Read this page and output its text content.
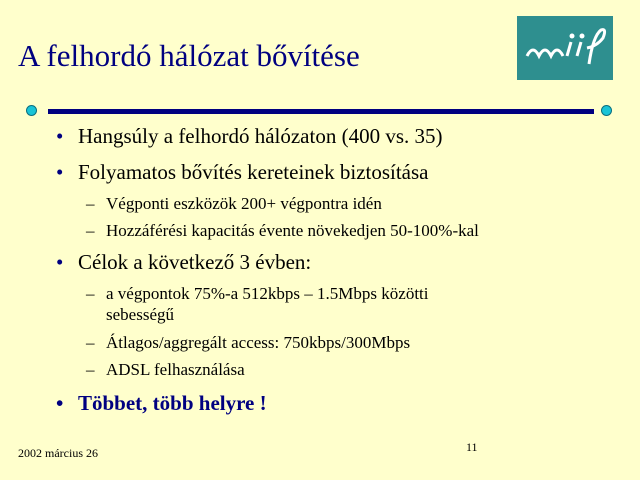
A felhordó hálózat bővítése
• Hangsúly a felhordó hálózaton (400 vs. 35)
• Folyamatos bővítés kereteinek biztosítása
– Végponti eszközök 200+ végpontra idén
– Hozzáférési kapacitás évente növekedjen 50-100%-kal
• Célok a következő 3 évben:
– a végpontok 75%-a 512kbps – 1.5Mbps közötti
sebességű
– Átlagos/aggregált access: 750kbps/300Mbps
– ADSL felhasználása
• Többet, több helyre !
2002 március 26	11
